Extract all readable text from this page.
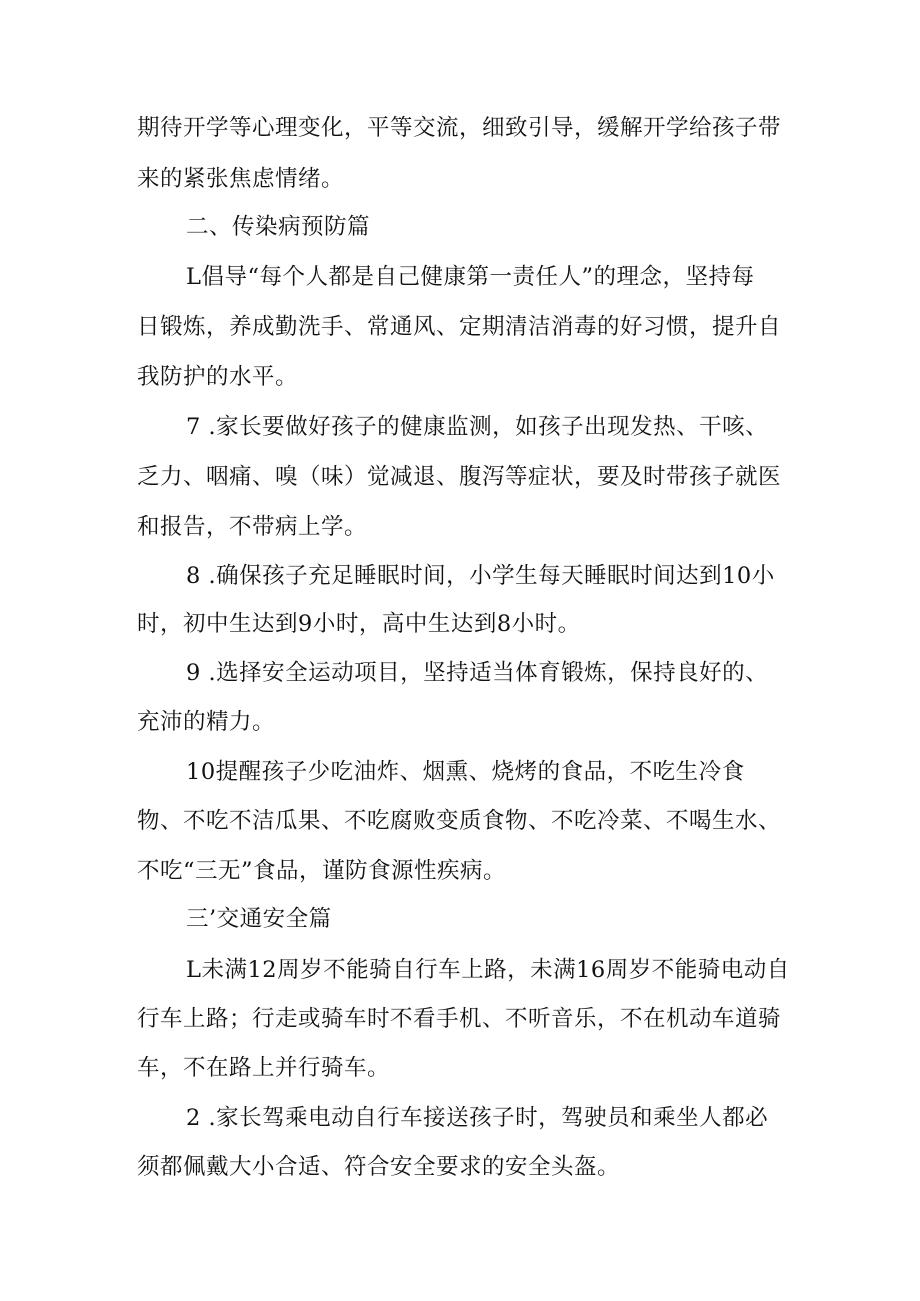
期待开学等心理变化，平等交流，细致引导，缓解开学给孩子带
来的紧张焦虑情绪。
二、传染病预防篇
L倡导“每个人都是自己健康第一责任人”的理念，坚持每
日锻炼，养成勤洗手、常通风、定期清洁消毒的好习惯，提升自
我防护的水平。
7 .家长要做好孩子的健康监测，如孩子出现发热、干咳、
乏力、咽痛、嗅（味）觉减退、腹泻等症状，要及时带孩子就医
和报告，不带病上学。
8 .确保孩子充足睡眠时间，小学生每天睡眠时间达到10小
时，初中生达到9小时，高中生达到8小时。
9 .选择安全运动项目，坚持适当体育锻炼，保持良好的、
充沛的精力。
10提醒孩子少吃油炸、烟熏、烧烤的食品，不吃生冷食
物、不吃不洁瓜果、不吃腐败变质食物、不吃冷菜、不喝生水、
不吃“三无”食品，谨防食源性疾病。
三’交通安全篇
L未满12周岁不能骑自行车上路，未满16周岁不能骑电动自
行车上路；行走或骑车时不看手机、不听音乐，不在机动车道骑
车，不在路上并行骑车。
2 .家长驾乘电动自行车接送孩子时，驾驶员和乘坐人都必
须都佩戴大小合适、符合安全要求的安全头盔。
